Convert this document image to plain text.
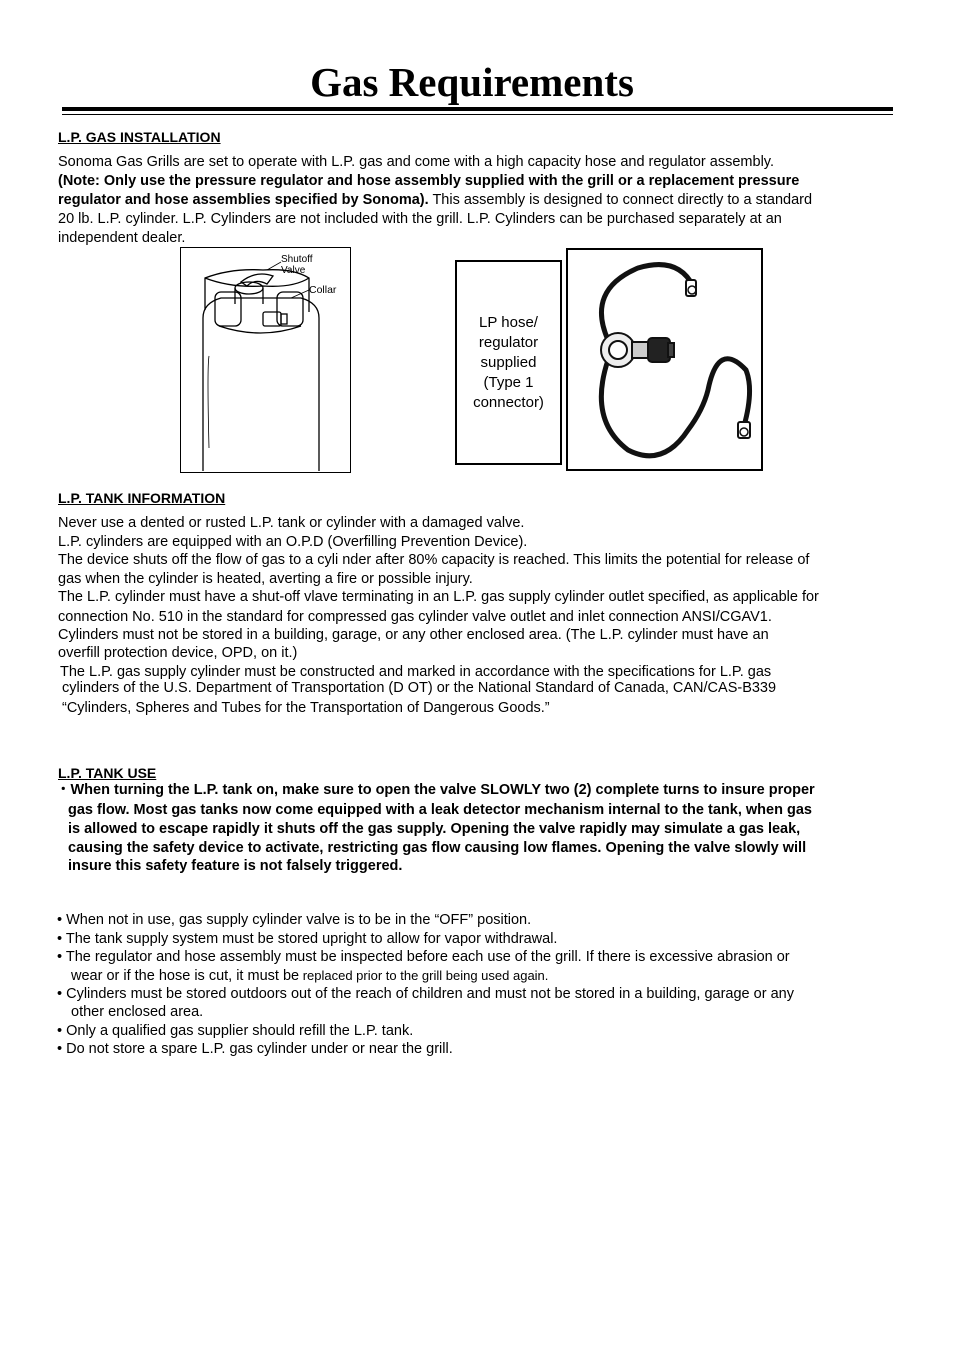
Gas Requirements
L.P. GAS INSTALLATION
Sonoma Gas Grills are set to operate with L.P. gas and come with a high capacity hose and regulator assembly.
(Note: Only use the pressure regulator and hose assembly supplied with the grill or a replacement pressure
regulator and hose assemblies specified by Sonoma). This assembly is designed to connect directly to a standard
20 lb. L.P. cylinder. L.P. Cylinders are not included with the grill. L.P. Cylinders can be purchased separately at an
independent dealer.
Shutoff
Valve
Collar
LP hose/
regulator
supplied
(Type 1
connector)
L.P. TANK INFORMATION
Never use a dented or rusted L.P. tank or cylinder with a damaged valve.
L.P. cylinders are equipped with an O.P.D (Overfilling Prevention Device).
The device shuts off the flow of gas to a cyli nder after 80% capacity is reached. This limits the potential for release of
gas when the cylinder is heated, averting a fire or possible injury.
The L.P. cylinder must have a shut-off vlave terminating in an L.P. gas supply cylinder outlet specified, as applicable for
connection No. 510 in the standard for compressed gas cylinder valve outlet and inlet connection ANSI/CGAV1.
Cylinders must not be stored in a building, garage, or any other enclosed area. (The L.P. cylinder must have an
overfill protection device, OPD, on it.)
The L.P. gas supply cylinder must be constructed and marked in accordance with the specifications for L.P. gas
cylinders of the U.S. Department of Transportation (D OT) or the National Standard of Canada, CAN/CAS-B339
“Cylinders, Spheres and Tubes for the Transportation of Dangerous Goods.”
L.P. TANK USE
・When turning the L.P. tank on, make sure to open the valve SLOWLY two (2) complete turns to insure proper
gas flow. Most gas tanks now come equipped with a leak detector mechanism internal to the tank, when gas
is allowed to escape rapidly it shuts off the gas supply. Opening the valve rapidly may simulate a gas leak,
causing the safety device to activate, restricting gas flow causing low flames. Opening the valve slowly will
insure this safety feature is not falsely triggered.
• When not in use, gas supply cylinder valve is to be in the “OFF” position.
• The tank supply system must be stored upright to allow for vapor withdrawal.
• The regulator and hose assembly must be inspected before each use of the grill. If there is excessive abrasion or
wear or if the hose is cut, it must be replaced prior to the grill being used again.
• Cylinders must be stored outdoors out of the reach of children and must not be stored in a building, garage or any
other enclosed area.
• Only a qualified gas supplier should refill the L.P. tank.
• Do not store a spare L.P. gas cylinder under or near the grill.
